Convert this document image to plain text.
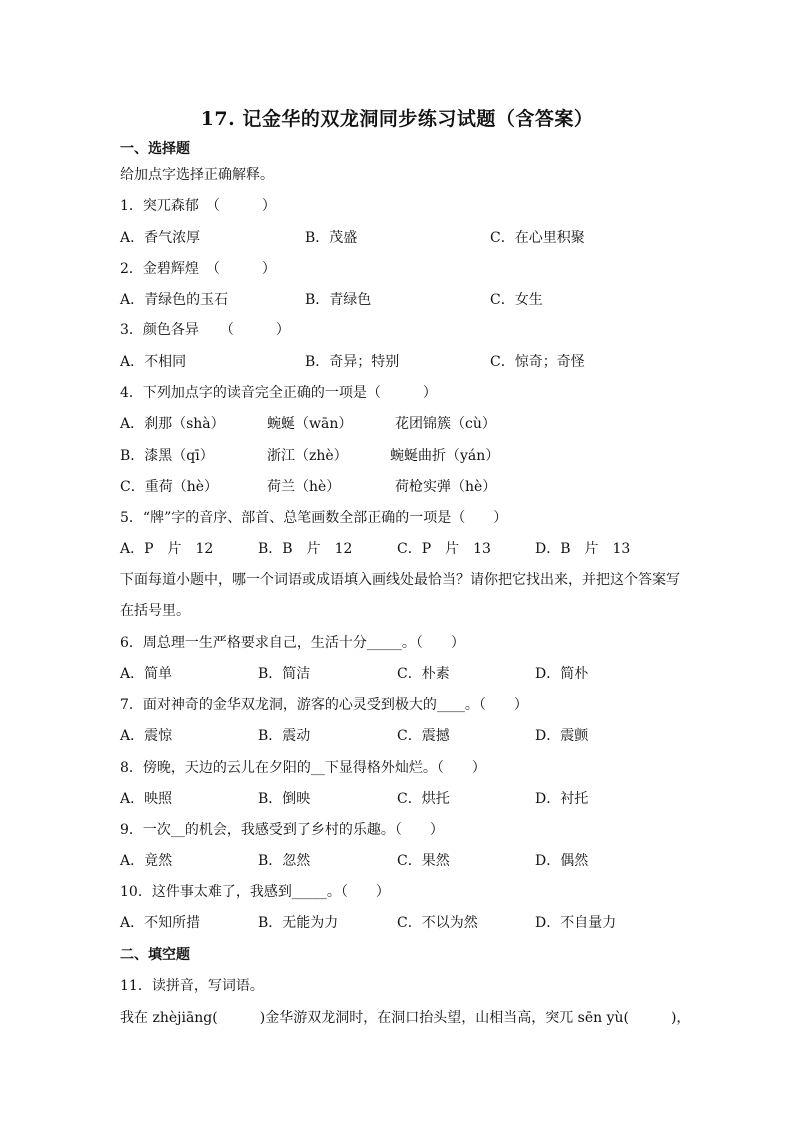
17. 记金华的双龙洞同步练习试题（含答案）
一、选择题
给加点字选择正确解释。
1．突兀森郁　（　　　）
A．香气浓厚	B．茂盛	C．在心里积聚
2．金碧辉煌　（　　　）
A．青绿色的玉石	B．青绿色	C．女生
3．颜色各异　　（　　　）
A．不相同	B．奇异；特别	C．惊奇；奇怪
4．下列加点字的读音完全正确的一项是（　　　）
A．刹那（shà）	蜿蜒（wān）	花团锦簇（cù）
B．漆黑（qī）	浙江（zhè）	蜿蜒曲折（yán）
C．重荷（hè）	荷兰（hè）	荷枪实弹（hè）
5．“牌”字的音序、部首、总笔画数全部正确的一项是（　　）
A．P　片　12	B．B　片　12	C．P　片　13	D．B　片　13
下面每道小题中，哪一个词语或成语填入画线处最恰当？请你把它找出来，并把这个答案写在括号里。
6．周总理一生严格要求自己，生活十分_____。（　　）
A．简单	B．简洁	C．朴素	D．简朴
7．面对神奇的金华双龙洞，游客的心灵受到极大的____。（　　）
A．震惊	B．震动	C．震撼	D．震颤
8．傍晚，天边的云儿在夕阳的__下显得格外灿烂。（　　）
A．映照	B．倒映	C．烘托	D．衬托
9．一次__的机会，我感受到了乡村的乐趣。（　　）
A．竟然	B．忽然	C．果然	D．偶然
10．这件事太难了，我感到_____。（　　）
A．不知所措	B．无能为力	C．不以为然	D．不自量力
二、填空题
11．读拼音，写词语。
我在 zhèjiāng(　　　)金华游双龙洞时，在洞口抬头望，山相当高，突兀 sēn yù(　　　)，
